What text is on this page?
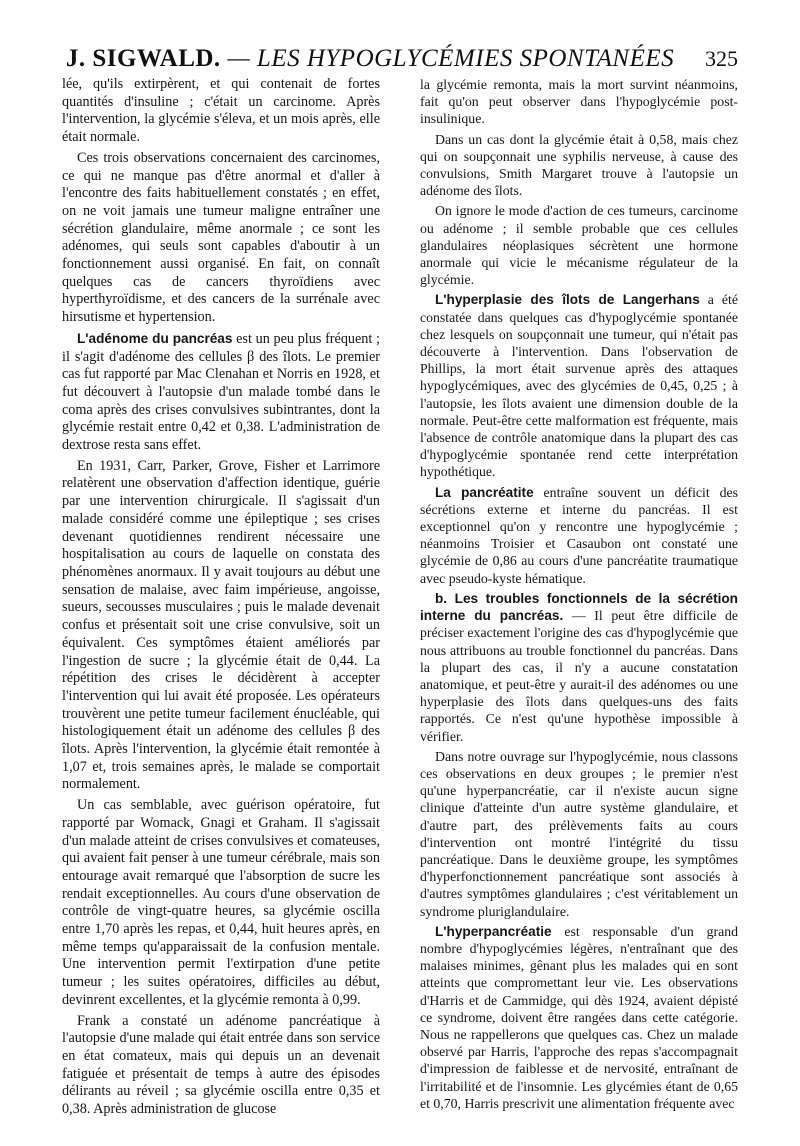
J. SIGWALD. — LES HYPOGLYCÉMIES SPONTANÉES 325

lée, qu'ils extirpèrent, et qui contenait de fortes quantités d'insuline ; c'était un carcinome. Après l'intervention, la glycémie s'éleva, et un mois après, elle était normale.

Ces trois observations concernaient des carcinomes, ce qui ne manque pas d'être anormal et d'aller à l'encontre des faits habituellement constatés ; en effet, on ne voit jamais une tumeur maligne entraîner une sécrétion glandulaire, même anormale ; ce sont les adénomes, qui seuls sont capables d'aboutir à un fonctionnement aussi organisé. En fait, on connaît quelques cas de cancers thyroïdiens avec hyperthyroïdisme, et des cancers de la surrénale avec hirsutisme et hypertension.

L'adénome du pancréas est un peu plus fréquent ; il s'agit d'adénome des cellules β des îlots. Le premier cas fut rapporté par Mac Clenahan et Norris en 1928, et fut découvert à l'autopsie d'un malade tombé dans le coma après des crises convulsives subintrantes, dont la glycémie restait entre 0,42 et 0,38. L'administration de dextrose resta sans effet.

En 1931, Carr, Parker, Grove, Fisher et Larrimore relatèrent une observation d'affection identique, guérie par une intervention chirurgicale. Il s'agissait d'un malade considéré comme une épileptique ; ses crises devenant quotidiennes rendirent nécessaire une hospitalisation au cours de laquelle on constata des phénomènes anormaux. Il y avait toujours au début une sensation de malaise, avec faim impérieuse, angoisse, sueurs, secousses musculaires ; puis le malade devenait confus et présentait soit une crise convulsive, soit un équivalent. Ces symptômes étaient améliorés par l'ingestion de sucre ; la glycémie était de 0,44. La répétition des crises le décidèrent à accepter l'intervention qui lui avait été proposée. Les opérateurs trouvèrent une petite tumeur facilement énucléable, qui histologiquement était un adénome des cellules β des îlots. Après l'intervention, la glycémie était remontée à 1,07 et, trois semaines après, le malade se comportait normalement.

Un cas semblable, avec guérison opératoire, fut rapporté par Womack, Gnagi et Graham. Il s'agissait d'un malade atteint de crises convulsives et comateuses, qui avaient fait penser à une tumeur cérébrale, mais son entourage avait remarqué que l'absorption de sucre les rendait exceptionnelles. Au cours d'une observation de contrôle de vingt-quatre heures, sa glycémie oscilla entre 1,70 après les repas, et 0,44, huit heures après, en même temps qu'apparaissait de la confusion mentale. Une intervention permit l'extirpation d'une petite tumeur ; les suites opératoires, difficiles au début, devinrent excellentes, et la glycémie remonta à 0,99.

Frank a constaté un adénome pancréatique à l'autopsie d'une malade qui était entrée dans son service en état comateux, mais qui depuis un an devenait fatiguée et présentait de temps à autre des épisodes délirants au réveil ; sa glycémie oscilla entre 0,35 et 0,38. Après administration de glucose

la glycémie remonta, mais la mort survint néanmoins, fait qu'on peut observer dans l'hypoglycémie post-insulinique.

Dans un cas dont la glycémie était à 0,58, mais chez qui on soupçonnait une syphilis nerveuse, à cause des convulsions, Smith Margaret trouve à l'autopsie un adénome des îlots.

On ignore le mode d'action de ces tumeurs, carcinome ou adénome ; il semble probable que ces cellules glandulaires néoplasiques sécrètent une hormone anormale qui vicie le mécanisme régulateur de la glycémie.

L'hyperplasie des îlots de Langerhans a été constatée dans quelques cas d'hypoglycémie spontanée chez lesquels on soupçonnait une tumeur, qui n'était pas découverte à l'intervention. Dans l'observation de Phillips, la mort était survenue après des attaques hypoglycémiques, avec des glycémies de 0,45, 0,25 ; à l'autopsie, les îlots avaient une dimension double de la normale. Peut-être cette malformation est fréquente, mais l'absence de contrôle anatomique dans la plupart des cas d'hypoglycémie spontanée rend cette interprétation hypothétique.

La pancréatite entraîne souvent un déficit des sécrétions externe et interne du pancréas. Il est exceptionnel qu'on y rencontre une hypoglycémie ; néanmoins Troisier et Casaubon ont constaté une glycémie de 0,86 au cours d'une pancréatite traumatique avec pseudo-kyste hématique.

b. Les troubles fonctionnels de la sécrétion interne du pancréas. — Il peut être difficile de préciser exactement l'origine des cas d'hypoglycémie que nous attribuons au trouble fonctionnel du pancréas. Dans la plupart des cas, il n'y a aucune constatation anatomique, et peut-être y aurait-il des adénomes ou une hyperplasie des îlots dans quelques-uns des faits rapportés. Ce n'est qu'une hypothèse impossible à vérifier.

Dans notre ouvrage sur l'hypoglycémie, nous classons ces observations en deux groupes ; le premier n'est qu'une hyperpancréatie, car il n'existe aucun signe clinique d'atteinte d'un autre système glandulaire, et d'autre part, des prélèvements faits au cours d'intervention ont montré l'intégrité du tissu pancréatique. Dans le deuxième groupe, les symptômes d'hyperfonctionnement pancréatique sont associés à d'autres symptômes glandulaires ; c'est véritablement un syndrome pluriglandulaire.

L'hyperpancréatie est responsable d'un grand nombre d'hypoglycémies légères, n'entraînant que des malaises minimes, gênant plus les malades qui en sont atteints que compromettant leur vie. Les observations d'Harris et de Cammidge, qui dès 1924, avaient dépisté ce syndrome, doivent être rangées dans cette catégorie. Nous ne rappellerons que quelques cas. Chez un malade observé par Harris, l'approche des repas s'accompagnait d'impression de faiblesse et de nervosité, entraînant de l'irritabilité et de l'insomnie. Les glycémies étant de 0,65 et 0,70, Harris prescrivit une alimentation fréquente avec
